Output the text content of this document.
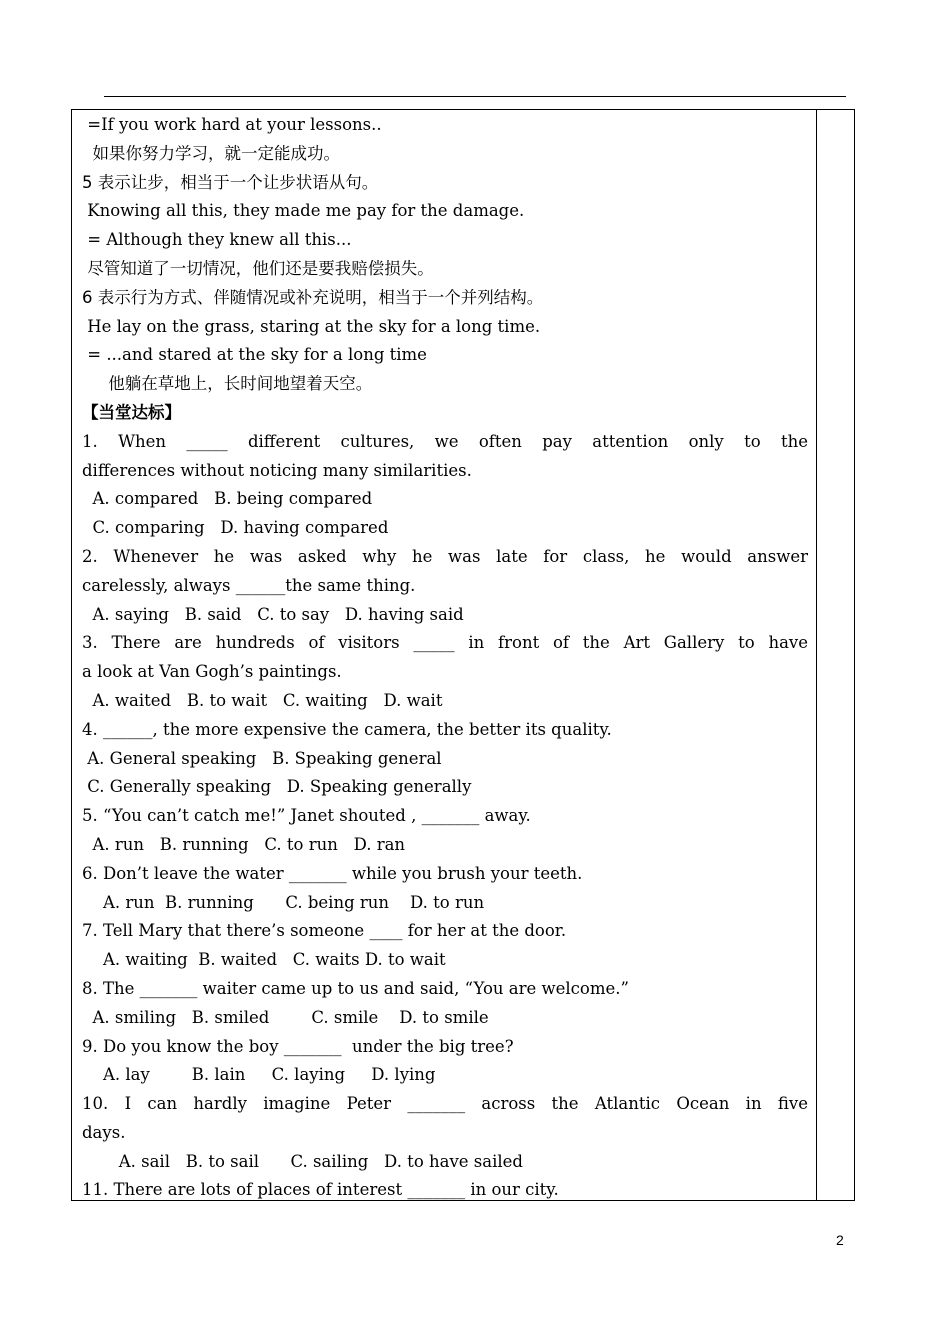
=If you work hard at your lessons..
如果你努力学习，就一定能成功。
5 表示让步，相当于一个让步状语从句。
Knowing all this, they made me pay for the damage.
= Although they knew all this...
尽管知道了一切情况，他们还是要我赔偿损失。
6 表示行为方式、伴随情况或补充说明，相当于一个并列结构。
He lay on the grass, staring at the sky for a long time.
= ...and stared at the sky for a long time
他躺在草地上，长时间地望着天空。
【当堂达标】
1. When _____ different cultures, we often pay attention only to the
differences without noticing many similarities.
A. compared   B. being compared
C. comparing   D. having compared
2. Whenever he was asked why he was late for class, he would answer
carelessly, always ______the same thing.
A. saying   B. said   C. to say   D. having said
3. There are hundreds of visitors _____ in front of the Art Gallery to have
a look at Van Gogh’s paintings.
A. waited   B. to wait   C. waiting   D. wait
4. ______, the more expensive the camera, the better its quality.
A. General speaking   B. Speaking general
C. Generally speaking   D. Speaking generally
5. “You can’t catch me!” Janet shouted , _______ away.
A. run   B. running   C. to run   D. ran
6. Don’t leave the water _______ while you brush your teeth.
A. run  B. running      C. being run    D. to run
7. Tell Mary that there’s someone ____ for her at the door.
A. waiting  B. waited   C. waits D. to wait
8. The _______ waiter came up to us and said, “You are welcome.”
A. smiling   B. smiled        C. smile    D. to smile
9. Do you know the boy _______  under the big tree?
A. lay        B. lain     C. laying     D. lying
10. I can hardly imagine Peter _______ across the Atlantic Ocean in five
days.
A. sail   B. to sail      C. sailing   D. to have sailed
11. There are lots of places of interest _______ in our city.
2
